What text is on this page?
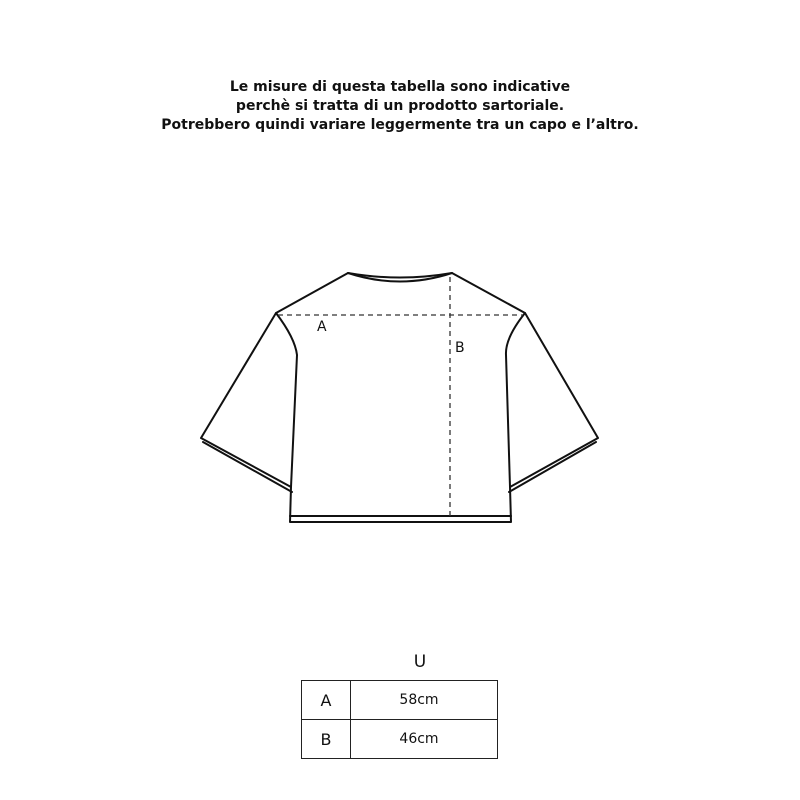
Le misure di questa tabella sono indicative
perchè si tratta di un prodotto sartoriale.
Potrebbero quindi variare leggermente tra un capo e l’altro.
A
B
U
A	58cm
B	46cm
